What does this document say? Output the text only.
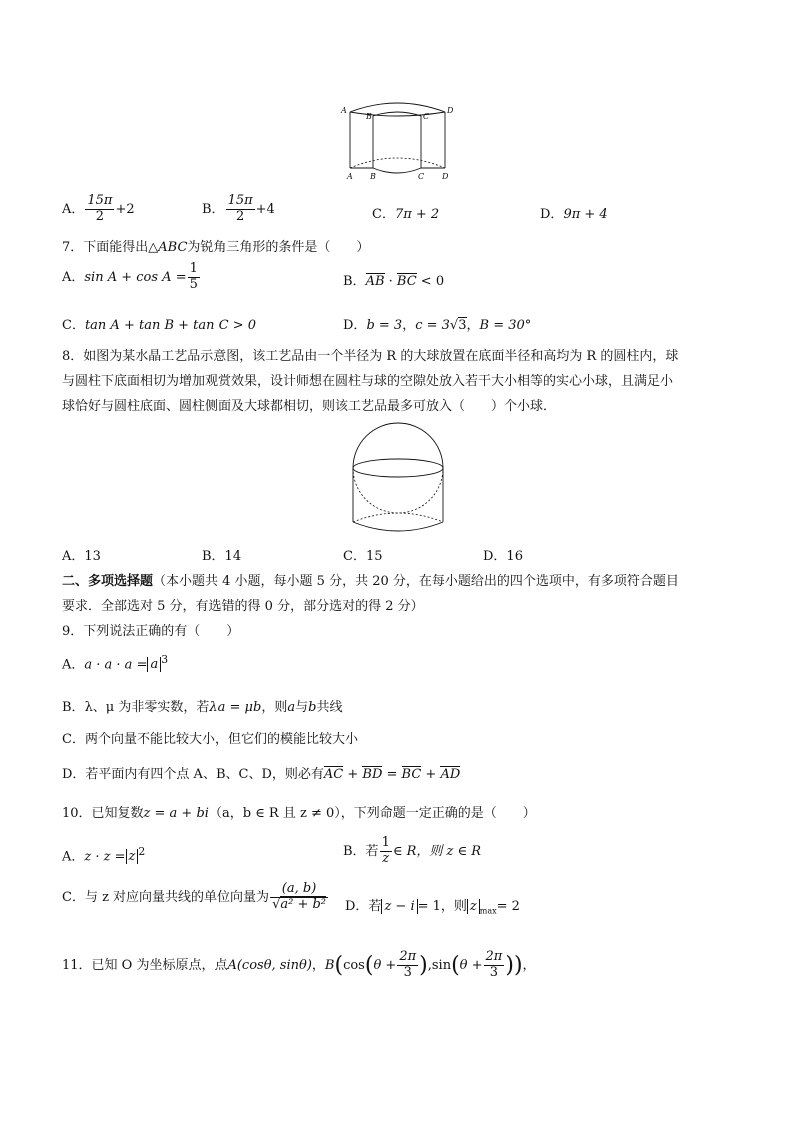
A
B	C
D
A B	C D
A． $\frac{15\pi}{2} +2$	B． $\frac{15\pi}{2} +4$	C．7π + 2	D．9π + 4
7．下面能得出△ABC为锐角三角形的条件是（　　）
A．$\sin A + \cos A = \frac{1}{5}$	B．AB · BC < 0
C．tan A + tan B + tan C > 0	D．b = 3，c = 3√3，B = 30°
8．如图为某水晶工艺品示意图，该工艺品由一个半径为 R 的大球放置在底面半径和高均为 R 的圆柱内，球
与圆柱下底面相切为增加观赏效果，设计师想在圆柱与球的空隙处放入若干大小相等的实心小球，且满足小
球恰好与圆柱底面、圆柱侧面及大球都相切，则该工艺品最多可放入（　　）个小球．
A．13	B．14	C．15	D．16
二、多项选择题（本小题共 4 小题，每小题 5 分，共 20 分，在每小题给出的四个选项中，有多项符合题目
要求．全部选对 5 分，有选错的得 0 分，部分选对的得 2 分）
9．下列说法正确的有（　　）
A．a · a · a = a $^3$
B．λ、μ 为非零实数，若λa = μb，则a与b共线
C．两个向量不能比较大小，但它们的模能比较大小
D．若平面内有四个点 A、B、C、D，则必有AC + BD = BC + AD
10．已知复数z = a + bi（a，b ∈ R 且 z ≠ 0），下列命题一定正确的是（　　）
A．z · z = z $^2$	B．若 $\frac{1}{z}$ ∈ R，则 z ∈ R
C．与 z 对应向量共线的单位向量为 $\frac{(a, b)}{\text{√a² + b²}}$ D．若 z − i = 1，则 z $_{max}$= 2
11．已知 O 为坐标原点，点A(cosθ, sinθ)，$B(\cos(\theta + \frac{2\pi}{3} ),\sin(\theta + \frac{2\pi}{3}$ ))，
